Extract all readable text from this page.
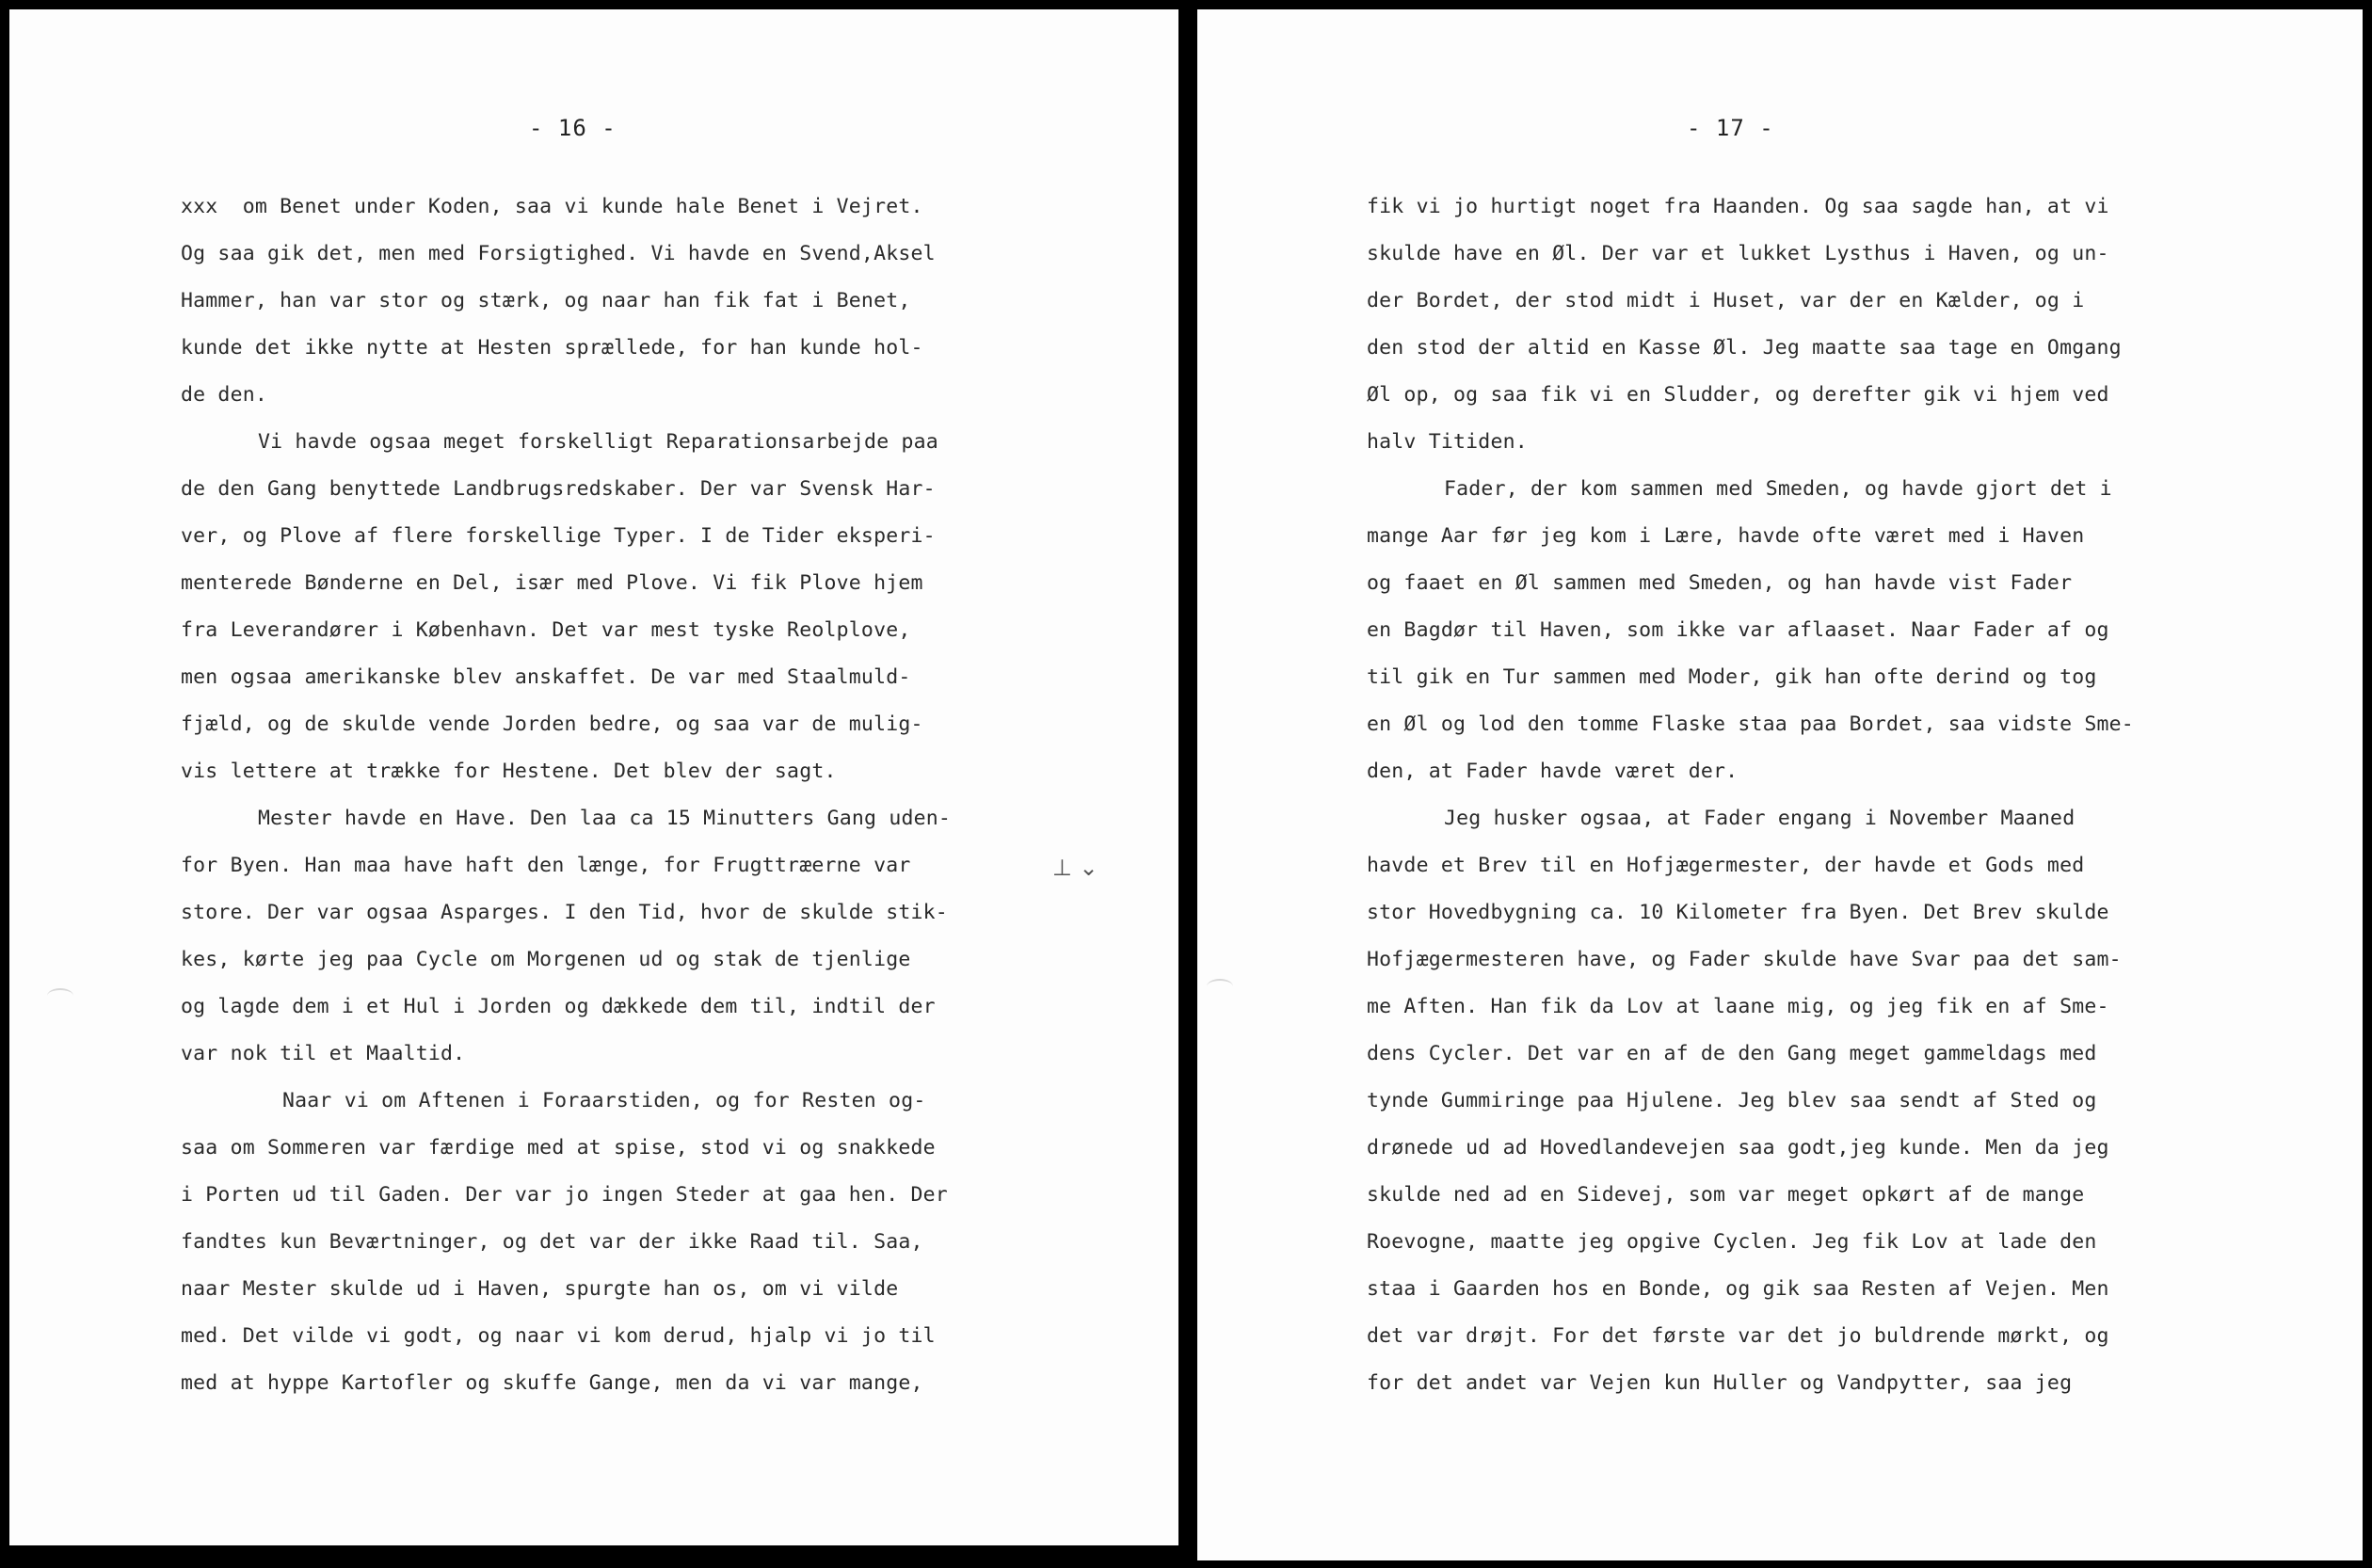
- 16 -
xxx  om Benet under Koden, saa vi kunde hale Benet i Vejret.
Og saa gik det, men med Forsigtighed. Vi havde en Svend,Aksel
Hammer, han var stor og stærk, og naar han fik fat i Benet,
kunde det ikke nytte at Hesten sprællede, for han kunde hol-
de den.
Vi havde ogsaa meget forskelligt Reparationsarbejde paa
de den Gang benyttede Landbrugsredskaber. Der var Svensk Har-
ver, og Plove af flere forskellige Typer. I de Tider eksperi-
menterede Bønderne en Del, især med Plove. Vi fik Plove hjem
fra Leverandører i København. Det var mest tyske Reolplove,
men ogsaa amerikanske blev anskaffet. De var med Staalmuld-
fjæld, og de skulde vende Jorden bedre, og saa var de mulig-
vis lettere at trække for Hestene. Det blev der sagt.
Mester havde en Have. Den laa ca 15 Minutters Gang uden-
for Byen. Han maa have haft den længe, for Frugttræerne var
store. Der var ogsaa Asparges. I den Tid, hvor de skulde stik-
kes, kørte jeg paa Cycle om Morgenen ud og stak de tjenlige
og lagde dem i et Hul i Jorden og dækkede dem til, indtil der
var nok til et Maaltid.
Naar vi om Aftenen i Foraarstiden, og for Resten og-
saa om Sommeren var færdige med at spise, stod vi og snakkede
i Porten ud til Gaden. Der var jo ingen Steder at gaa hen. Der
fandtes kun Beværtninger, og det var der ikke Raad til. Saa,
naar Mester skulde ud i Haven, spurgte han os, om vi vilde
med. Det vilde vi godt, og naar vi kom derud, hjalp vi jo til
med at hyppe Kartofler og skuffe Gange, men da vi var mange,
⊥ ⌄
- 17 -
fik vi jo hurtigt noget fra Haanden. Og saa sagde han, at vi
skulde have en Øl. Der var et lukket Lysthus i Haven, og un-
der Bordet, der stod midt i Huset, var der en Kælder, og i
den stod der altid en Kasse Øl. Jeg maatte saa tage en Omgang
Øl op, og saa fik vi en Sludder, og derefter gik vi hjem ved
halv Titiden.
Fader, der kom sammen med Smeden, og havde gjort det i
mange Aar før jeg kom i Lære, havde ofte været med i Haven
og faaet en Øl sammen med Smeden, og han havde vist Fader
en Bagdør til Haven, som ikke var aflaaset. Naar Fader af og
til gik en Tur sammen med Moder, gik han ofte derind og tog
en Øl og lod den tomme Flaske staa paa Bordet, saa vidste Sme-
den, at Fader havde været der.
Jeg husker ogsaa, at Fader engang i November Maaned
havde et Brev til en Hofjægermester, der havde et Gods med
stor Hovedbygning ca. 10 Kilometer fra Byen. Det Brev skulde
Hofjægermesteren have, og Fader skulde have Svar paa det sam-
me Aften. Han fik da Lov at laane mig, og jeg fik en af Sme-
dens Cycler. Det var en af de den Gang meget gammeldags med
tynde Gummiringe paa Hjulene. Jeg blev saa sendt af Sted og
drønede ud ad Hovedlandevejen saa godt,jeg kunde. Men da jeg
skulde ned ad en Sidevej, som var meget opkørt af de mange
Roevogne, maatte jeg opgive Cyclen. Jeg fik Lov at lade den
staa i Gaarden hos en Bonde, og gik saa Resten af Vejen. Men
det var drøjt. For det første var det jo buldrende mørkt, og
for det andet var Vejen kun Huller og Vandpytter, saa jeg
